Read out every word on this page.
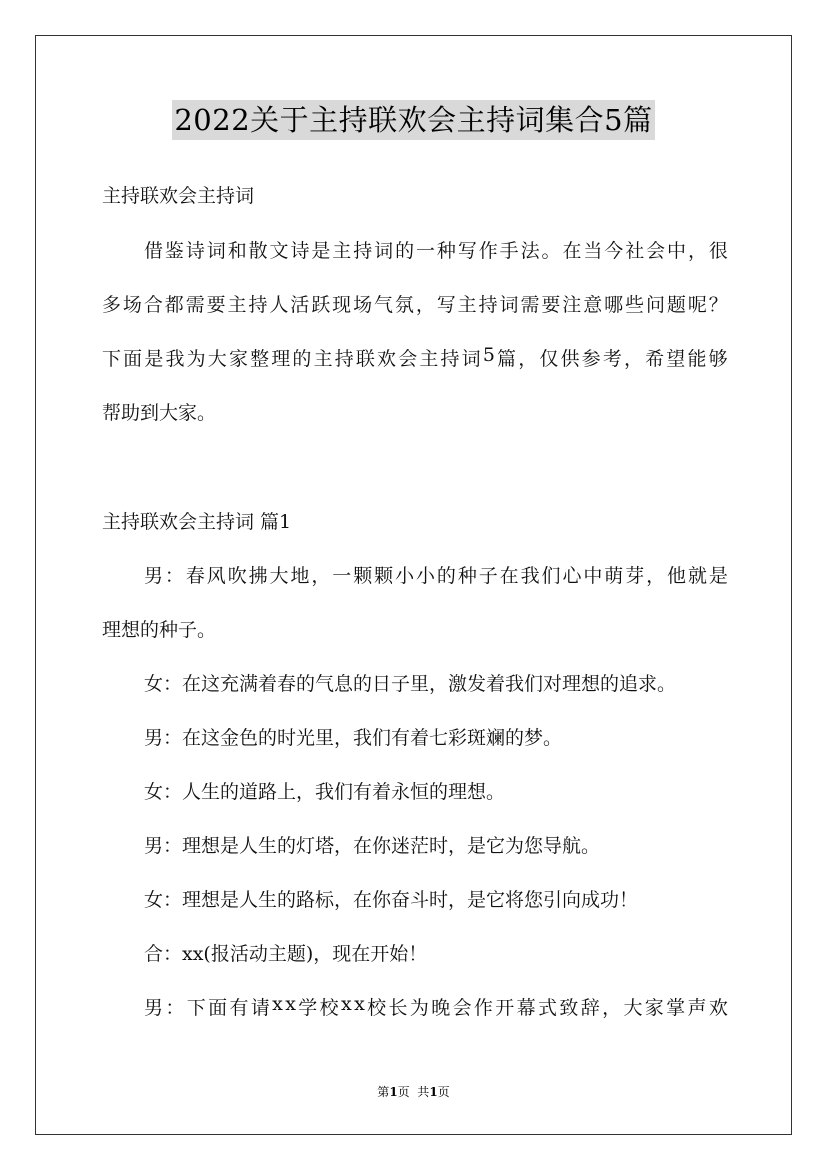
2022关于主持联欢会主持词集合5篇
主持联欢会主持词
借 鉴 诗 词 和 散 文 诗 是 主 持 词 的 一 种 写 作 手 法 。 在 当 今 社 会 中 ， 很
多 场 合 都 需 要 主 持 人 活 跃 现 场 气 氛 ， 写 主 持 词 需 要 注 意 哪 些 问 题 呢 ？
下 面 是 我 为 大 家 整 理 的 主 持 联 欢 会 主 持 词 5 篇 ， 仅 供 参 考 ， 希 望 能 够
帮助到大家。
主持联欢会主持词 篇1
男 ： 春 风 吹 拂 大 地 ， 一 颗 颗 小 小 的 种 子 在 我 们 心 中 萌 芽 ， 他 就 是
理想的种子。
女：在这充满着春的气息的日子里，激发着我们对理想的追求。
男：在这金色的时光里，我们有着七彩斑斓的梦。
女：人生的道路上，我们有着永恒的理想。
男：理想是人生的灯塔，在你迷茫时，是它为您导航。
女：理想是人生的路标，在你奋斗时，是它将您引向成功！
合：xx(报活动主题)，现在开始！
男 ： 下 面 有 请 x x 学 校 x x 校 长 为 晚 会 作 开 幕 式 致 辞 ， 大 家 掌 声 欢
第1页  共1页
